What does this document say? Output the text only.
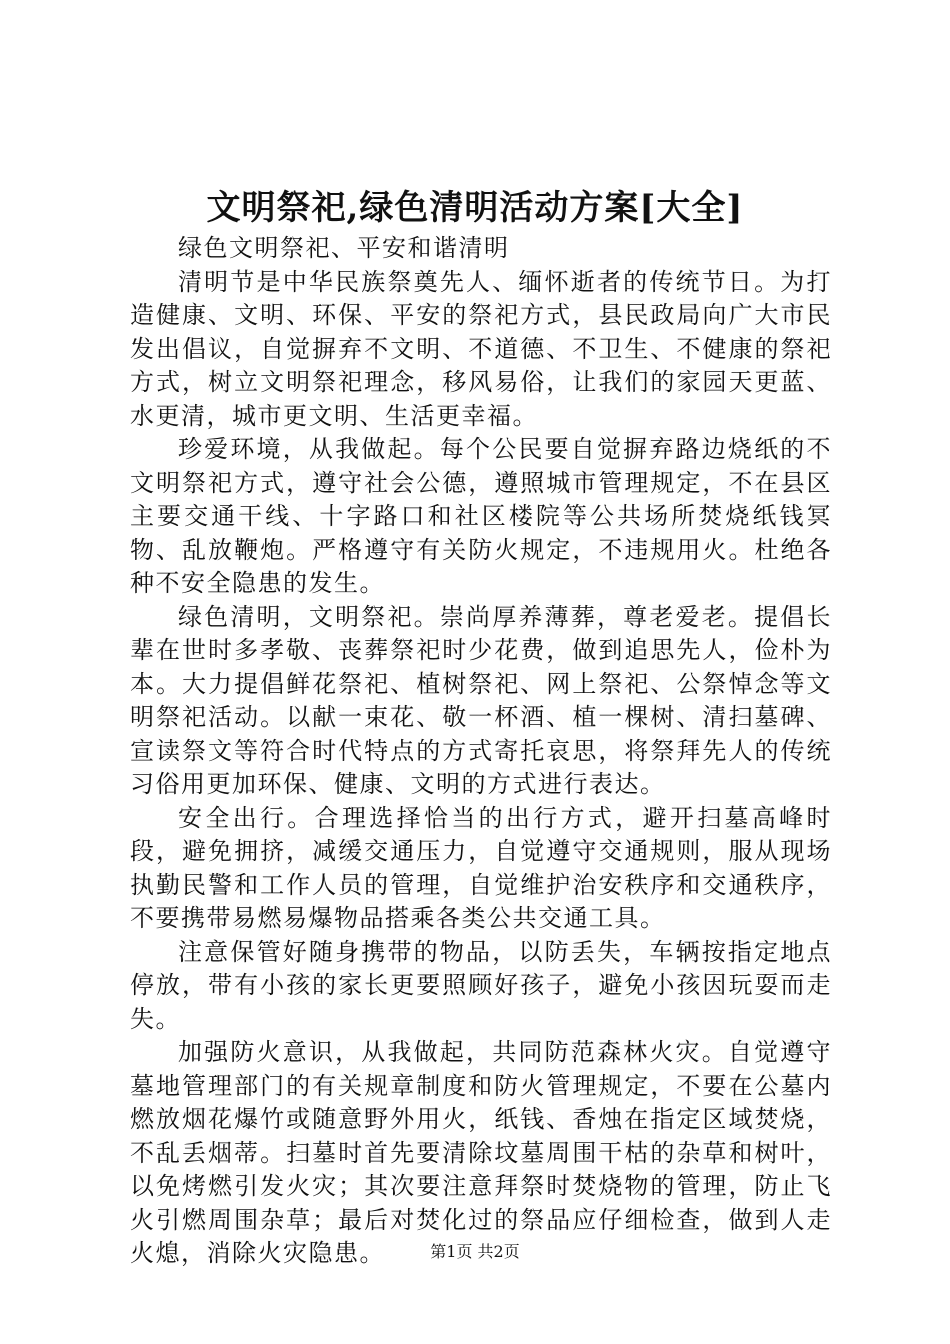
文明祭祀,绿色清明活动方案[大全]

绿色文明祭祀、平安和谐清明

清明节是中华民族祭奠先人、缅怀逝者的传统节日。为打造健康、文明、环保、平安的祭祀方式，县民政局向广大市民发出倡议，自觉摒弃不文明、不道德、不卫生、不健康的祭祀方式，树立文明祭祀理念，移风易俗，让我们的家园天更蓝、水更清，城市更文明、生活更幸福。

珍爱环境，从我做起。每个公民要自觉摒弃路边烧纸的不文明祭祀方式，遵守社会公德，遵照城市管理规定，不在县区主要交通干线、十字路口和社区楼院等公共场所焚烧纸钱冥物、乱放鞭炮。严格遵守有关防火规定，不违规用火。杜绝各种不安全隐患的发生。

绿色清明，文明祭祀。崇尚厚养薄葬，尊老爱老。提倡长辈在世时多孝敬、丧葬祭祀时少花费，做到追思先人，俭朴为本。大力提倡鲜花祭祀、植树祭祀、网上祭祀、公祭悼念等文明祭祀活动。以献一束花、敬一杯酒、植一棵树、清扫墓碑、宣读祭文等符合时代特点的方式寄托哀思，将祭拜先人的传统习俗用更加环保、健康、文明的方式进行表达。

安全出行。合理选择恰当的出行方式，避开扫墓高峰时段，避免拥挤，减缓交通压力，自觉遵守交通规则，服从现场执勤民警和工作人员的管理，自觉维护治安秩序和交通秩序，不要携带易燃易爆物品搭乘各类公共交通工具。

注意保管好随身携带的物品，以防丢失，车辆按指定地点停放，带有小孩的家长更要照顾好孩子，避免小孩因玩耍而走失。

加强防火意识，从我做起，共同防范森林火灾。自觉遵守墓地管理部门的有关规章制度和防火管理规定，不要在公墓内燃放烟花爆竹或随意野外用火，纸钱、香烛在指定区域焚烧，不乱丢烟蒂。扫墓时首先要清除坟墓周围干枯的杂草和树叶，以免烤燃引发火灾；其次要注意拜祭时焚烧物的管理，防止飞火引燃周围杂草；最后对焚化过的祭品应仔细检查，做到人走火熄，消除火灾隐患。	第1页 共2页
